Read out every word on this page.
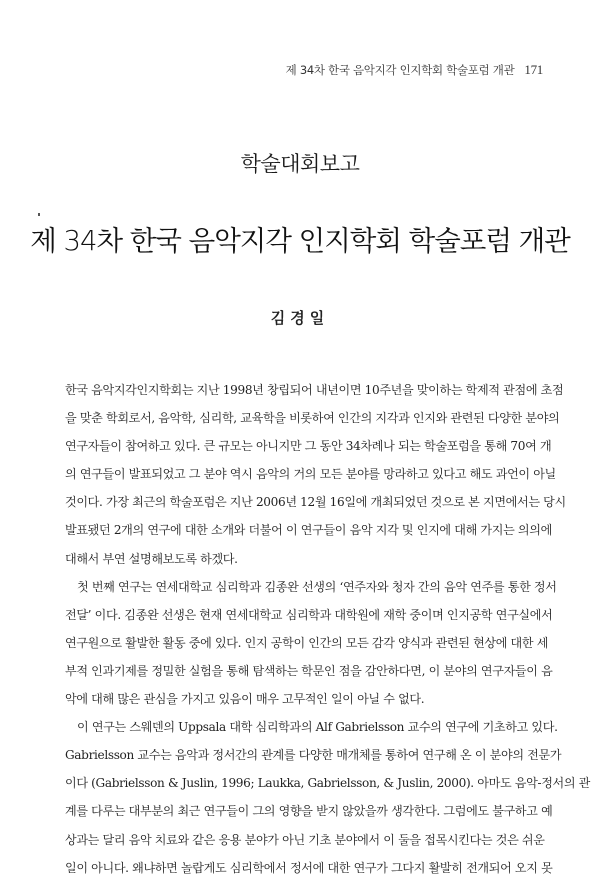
제 34차 한국 음악지각 인지학회 학술포럼 개관 171
학술대회보고
제 34차 한국 음악지각 인지학회 학술포럼 개관
김경일
한국 음악지각인지학회는 지난 1998년 창립되어 내년이면 10주년을 맞이하는 학제적 관점에 초점
을 맞춘 학회로서, 음악학, 심리학, 교육학을 비롯하여 인간의 지각과 인지와 관련된 다양한 분야의
연구자들이 참여하고 있다. 큰 규모는 아니지만 그 동안 34차례나 되는 학술포럼을 통해 70여 개
의 연구들이 발표되었고 그 분야 역시 음악의 거의 모든 분야를 망라하고 있다고 해도 과언이 아닐
것이다. 가장 최근의 학술포럼은 지난 2006년 12월 16일에 개최되었던 것으로 본 지면에서는 당시
발표됐던 2개의 연구에 대한 소개와 더불어 이 연구들이 음악 지각 및 인지에 대해 가지는 의의에
대해서 부연 설명해보도록 하겠다.
첫 번째 연구는 연세대학교 심리학과 김종완 선생의 ‘연주자와 청자 간의 음악 연주를 통한 정서
전달’ 이다. 김종완 선생은 현재 연세대학교 심리학과 대학원에 재학 중이며 인지공학 연구실에서
연구원으로 활발한 활동 중에 있다. 인지 공학이 인간의 모든 감각 양식과 관련된 현상에 대한 세
부적 인과기제를 정밀한 실험을 통해 탐색하는 학문인 점을 감안하다면, 이 분야의 연구자들이 음
악에 대해 많은 관심을 가지고 있음이 매우 고무적인 일이 아닐 수 없다.
이 연구는 스웨덴의 Uppsala 대학 심리학과의 Alf Gabrielsson 교수의 연구에 기초하고 있다.
Gabrielsson 교수는 음악과 정서간의 관계를 다양한 매개체를 통하여 연구해 온 이 분야의 전문가
이다 (Gabrielsson & Juslin, 1996; Laukka, Gabrielsson, & Juslin, 2000). 아마도 음악-정서의 관
계를 다루는 대부분의 최근 연구들이 그의 영향을 받지 않았을까 생각한다. 그럼에도 불구하고 예
상과는 달리 음악 치료와 같은 응용 분야가 아닌 기초 분야에서 이 둘을 접목시킨다는 것은 쉬운
일이 아니다. 왜냐하면 놀랍게도 심리학에서 정서에 대한 연구가 그다지 활발히 전개되어 오지 못
